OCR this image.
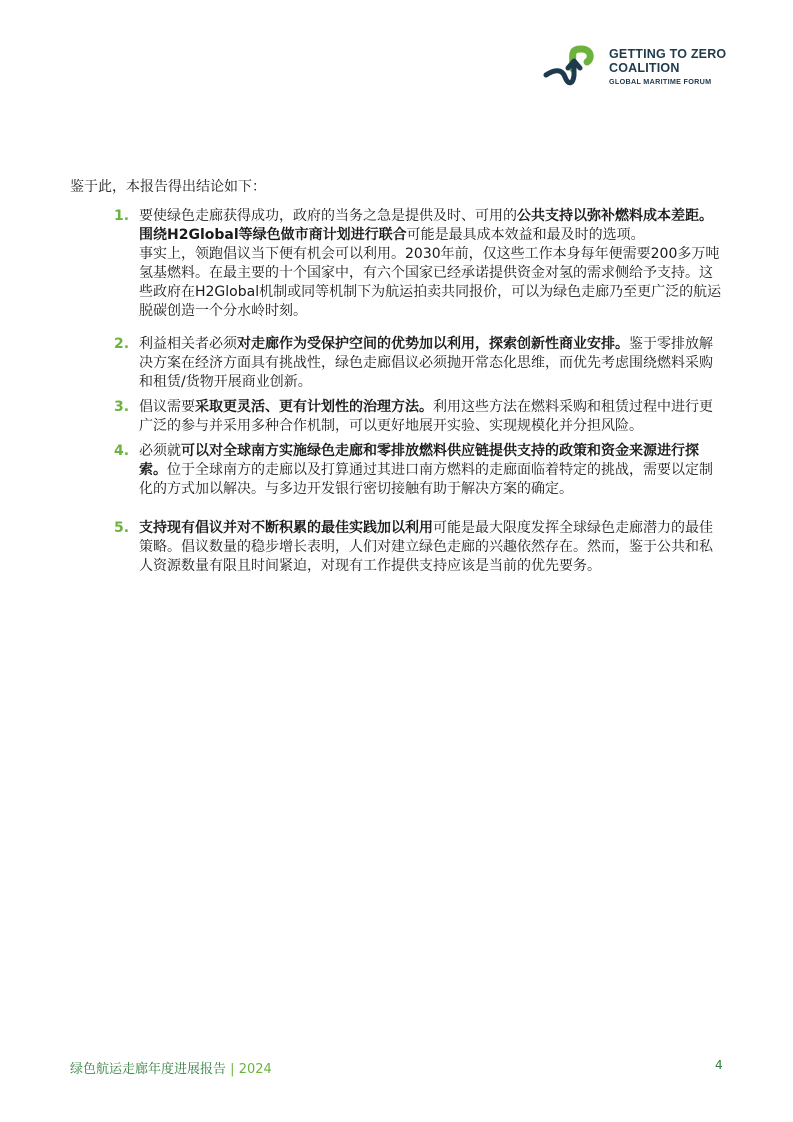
GETTING TO ZERO
COALITION
GLOBAL MARITIME FORUM

鉴于此，本报告得出结论如下：

1. 要使绿色走廊获得成功，政府的当务之急是提供及时、可用的公共支持以弥补燃料成本差距。围绕H2Global等绿色做市商计划进行联合可能是最具成本效益和最及时的选项。

事实上，领跑倡议当下便有机会可以利用。2030年前，仅这些工作本身每年便需要200多万吨氢基燃料。在最主要的十个国家中，有六个国家已经承诺提供资金对氢的需求侧给予支持。这些政府在H2Global机制或同等机制下为航运拍卖共同报价，可以为绿色走廊乃至更广泛的航运脱碳创造一个分水岭时刻。

2. 利益相关者必须对走廊作为受保护空间的优势加以利用，探索创新性商业安排。鉴于零排放解决方案在经济方面具有挑战性，绿色走廊倡议必须抛开常态化思维，而优先考虑围绕燃料采购和租赁/货物开展商业创新。

3. 倡议需要采取更灵活、更有计划性的治理方法。利用这些方法在燃料采购和租赁过程中进行更广泛的参与并采用多种合作机制，可以更好地展开实验、实现规模化并分担风险。

4. 必须就可以对全球南方实施绿色走廊和零排放燃料供应链提供支持的政策和资金来源进行探索。位于全球南方的走廊以及打算通过其进口南方燃料的走廊面临着特定的挑战，需要以定制化的方式加以解决。与多边开发银行密切接触有助于解决方案的确定。

5. 支持现有倡议并对不断积累的最佳实践加以利用可能是最大限度发挥全球绿色走廊潜力的最佳策略。倡议数量的稳步增长表明，人们对建立绿色走廊的兴趣依然存在。然而，鉴于公共和私人资源数量有限且时间紧迫，对现有工作提供支持应该是当前的优先要务。

绿色航运走廊年度进展报告 | 2024	4
